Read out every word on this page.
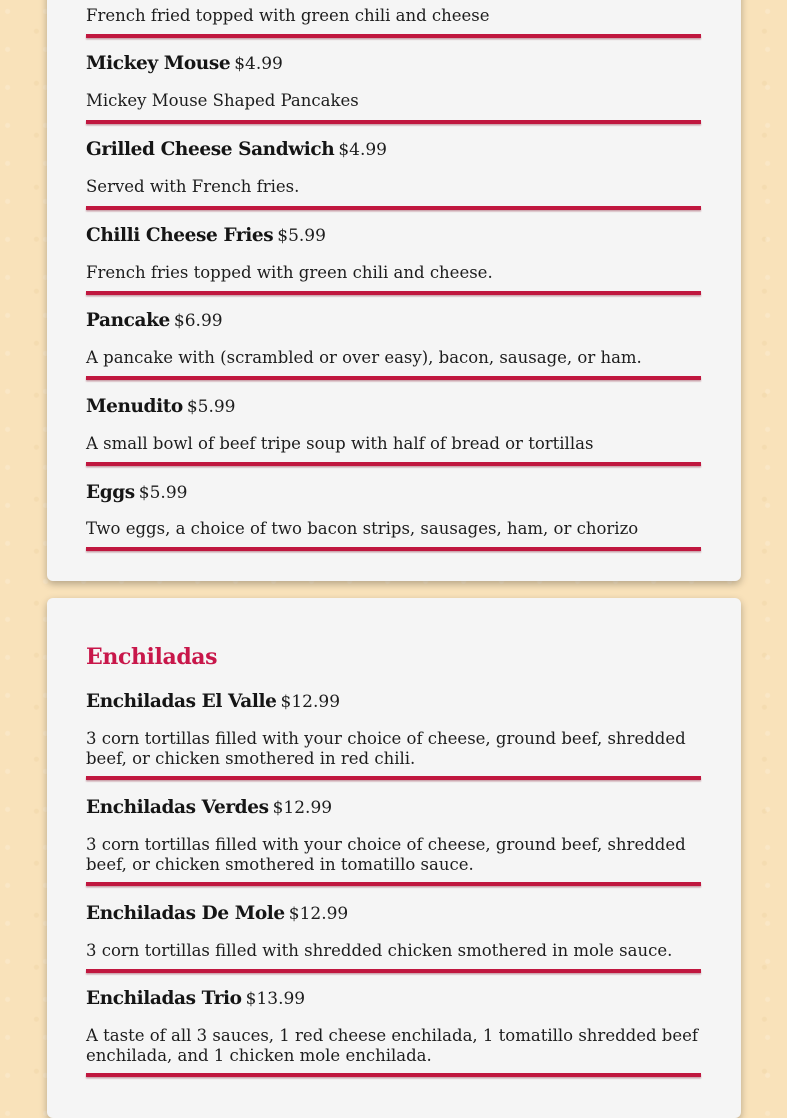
French fried topped with green chili and cheese
Mickey Mouse $4.99
Mickey Mouse Shaped Pancakes
Grilled Cheese Sandwich $4.99
Served with French fries.
Chilli Cheese Fries $5.99
French fries topped with green chili and cheese.
Pancake $6.99
A pancake with (scrambled or over easy), bacon, sausage, or ham.
Menudito $5.99
A small bowl of beef tripe soup with half of bread or tortillas
Eggs $5.99
Two eggs, a choice of two bacon strips, sausages, ham, or chorizo
Enchiladas
Enchiladas El Valle $12.99
3 corn tortillas filled with your choice of cheese, ground beef, shredded beef, or chicken smothered in red chili.
Enchiladas Verdes $12.99
3 corn tortillas filled with your choice of cheese, ground beef, shredded beef, or chicken smothered in tomatillo sauce.
Enchiladas De Mole $12.99
3 corn tortillas filled with shredded chicken smothered in mole sauce.
Enchiladas Trio $13.99
A taste of all 3 sauces, 1 red cheese enchilada, 1 tomatillo shredded beef enchilada, and 1 chicken mole enchilada.
